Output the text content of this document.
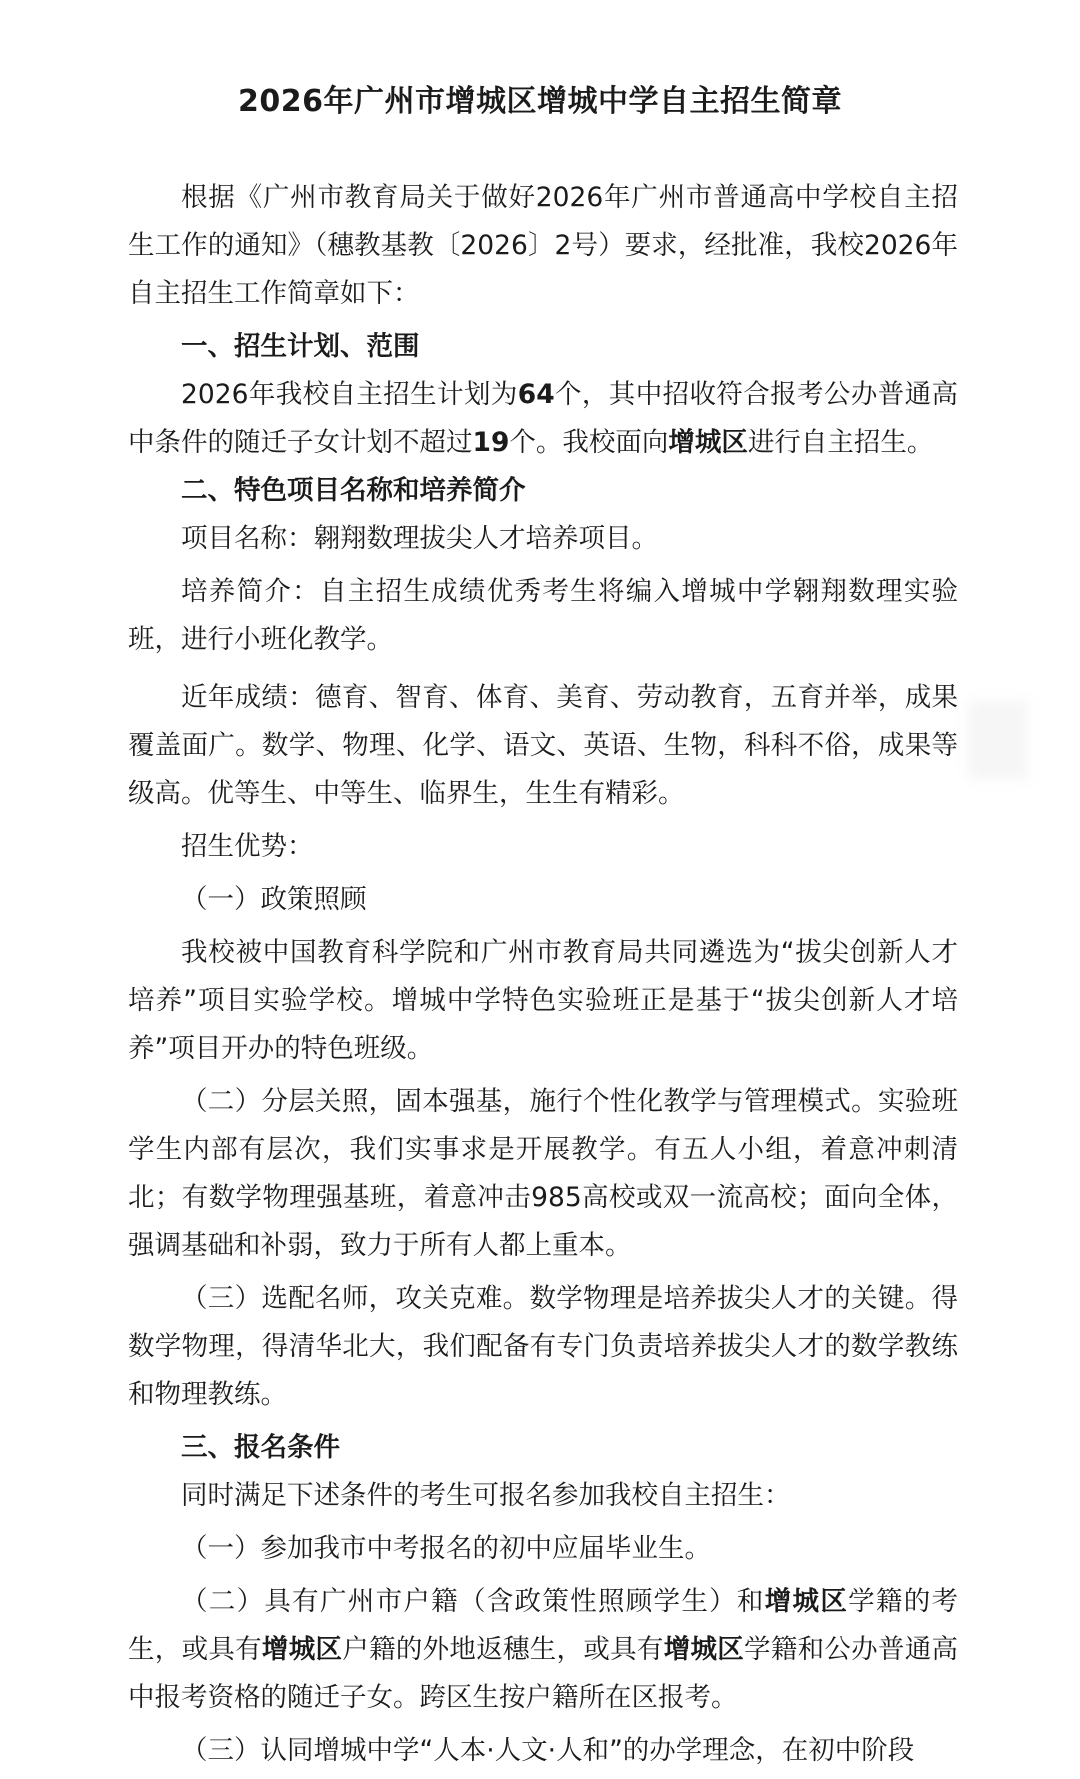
2026年广州市增城区增城中学自主招生简章

根据《广州市教育局关于做好2026年广州市普通高中学校自主招生工作的通知》（穗教基教〔2026〕2号）要求，经批准，我校2026年自主招生工作简章如下：

一、招生计划、范围

2026年我校自主招生计划为64个，其中招收符合报考公办普通高中条件的随迁子女计划不超过19个。我校面向增城区进行自主招生。

二、特色项目名称和培养简介

项目名称：翱翔数理拔尖人才培养项目。

培养简介：自主招生成绩优秀考生将编入增城中学翱翔数理实验班，进行小班化教学。

近年成绩：德育、智育、体育、美育、劳动教育，五育并举，成果覆盖面广。数学、物理、化学、语文、英语、生物，科科不俗，成果等级高。优等生、中等生、临界生，生生有精彩。

招生优势：

（一）政策照顾

我校被中国教育科学院和广州市教育局共同遴选为“拔尖创新人才培养”项目实验学校。增城中学特色实验班正是基于“拔尖创新人才培养”项目开办的特色班级。

（二）分层关照，固本强基，施行个性化教学与管理模式。实验班学生内部有层次，我们实事求是开展教学。有五人小组，着意冲刺清北；有数学物理强基班，着意冲击985高校或双一流高校；面向全体，强调基础和补弱，致力于所有人都上重本。

（三）选配名师，攻关克难。数学物理是培养拔尖人才的关键。得数学物理，得清华北大，我们配备有专门负责培养拔尖人才的数学教练和物理教练。

三、报名条件

同时满足下述条件的考生可报名参加我校自主招生：

（一）参加我市中考报名的初中应届毕业生。

（二）具有广州市户籍（含政策性照顾学生）和增城区学籍的考生，或具有增城区户籍的外地返穗生，或具有增城区学籍和公办普通高中报考资格的随迁子女。跨区生按户籍所在区报考。

（三）认同增城中学“人本·人文·人和”的办学理念，在初中阶段
